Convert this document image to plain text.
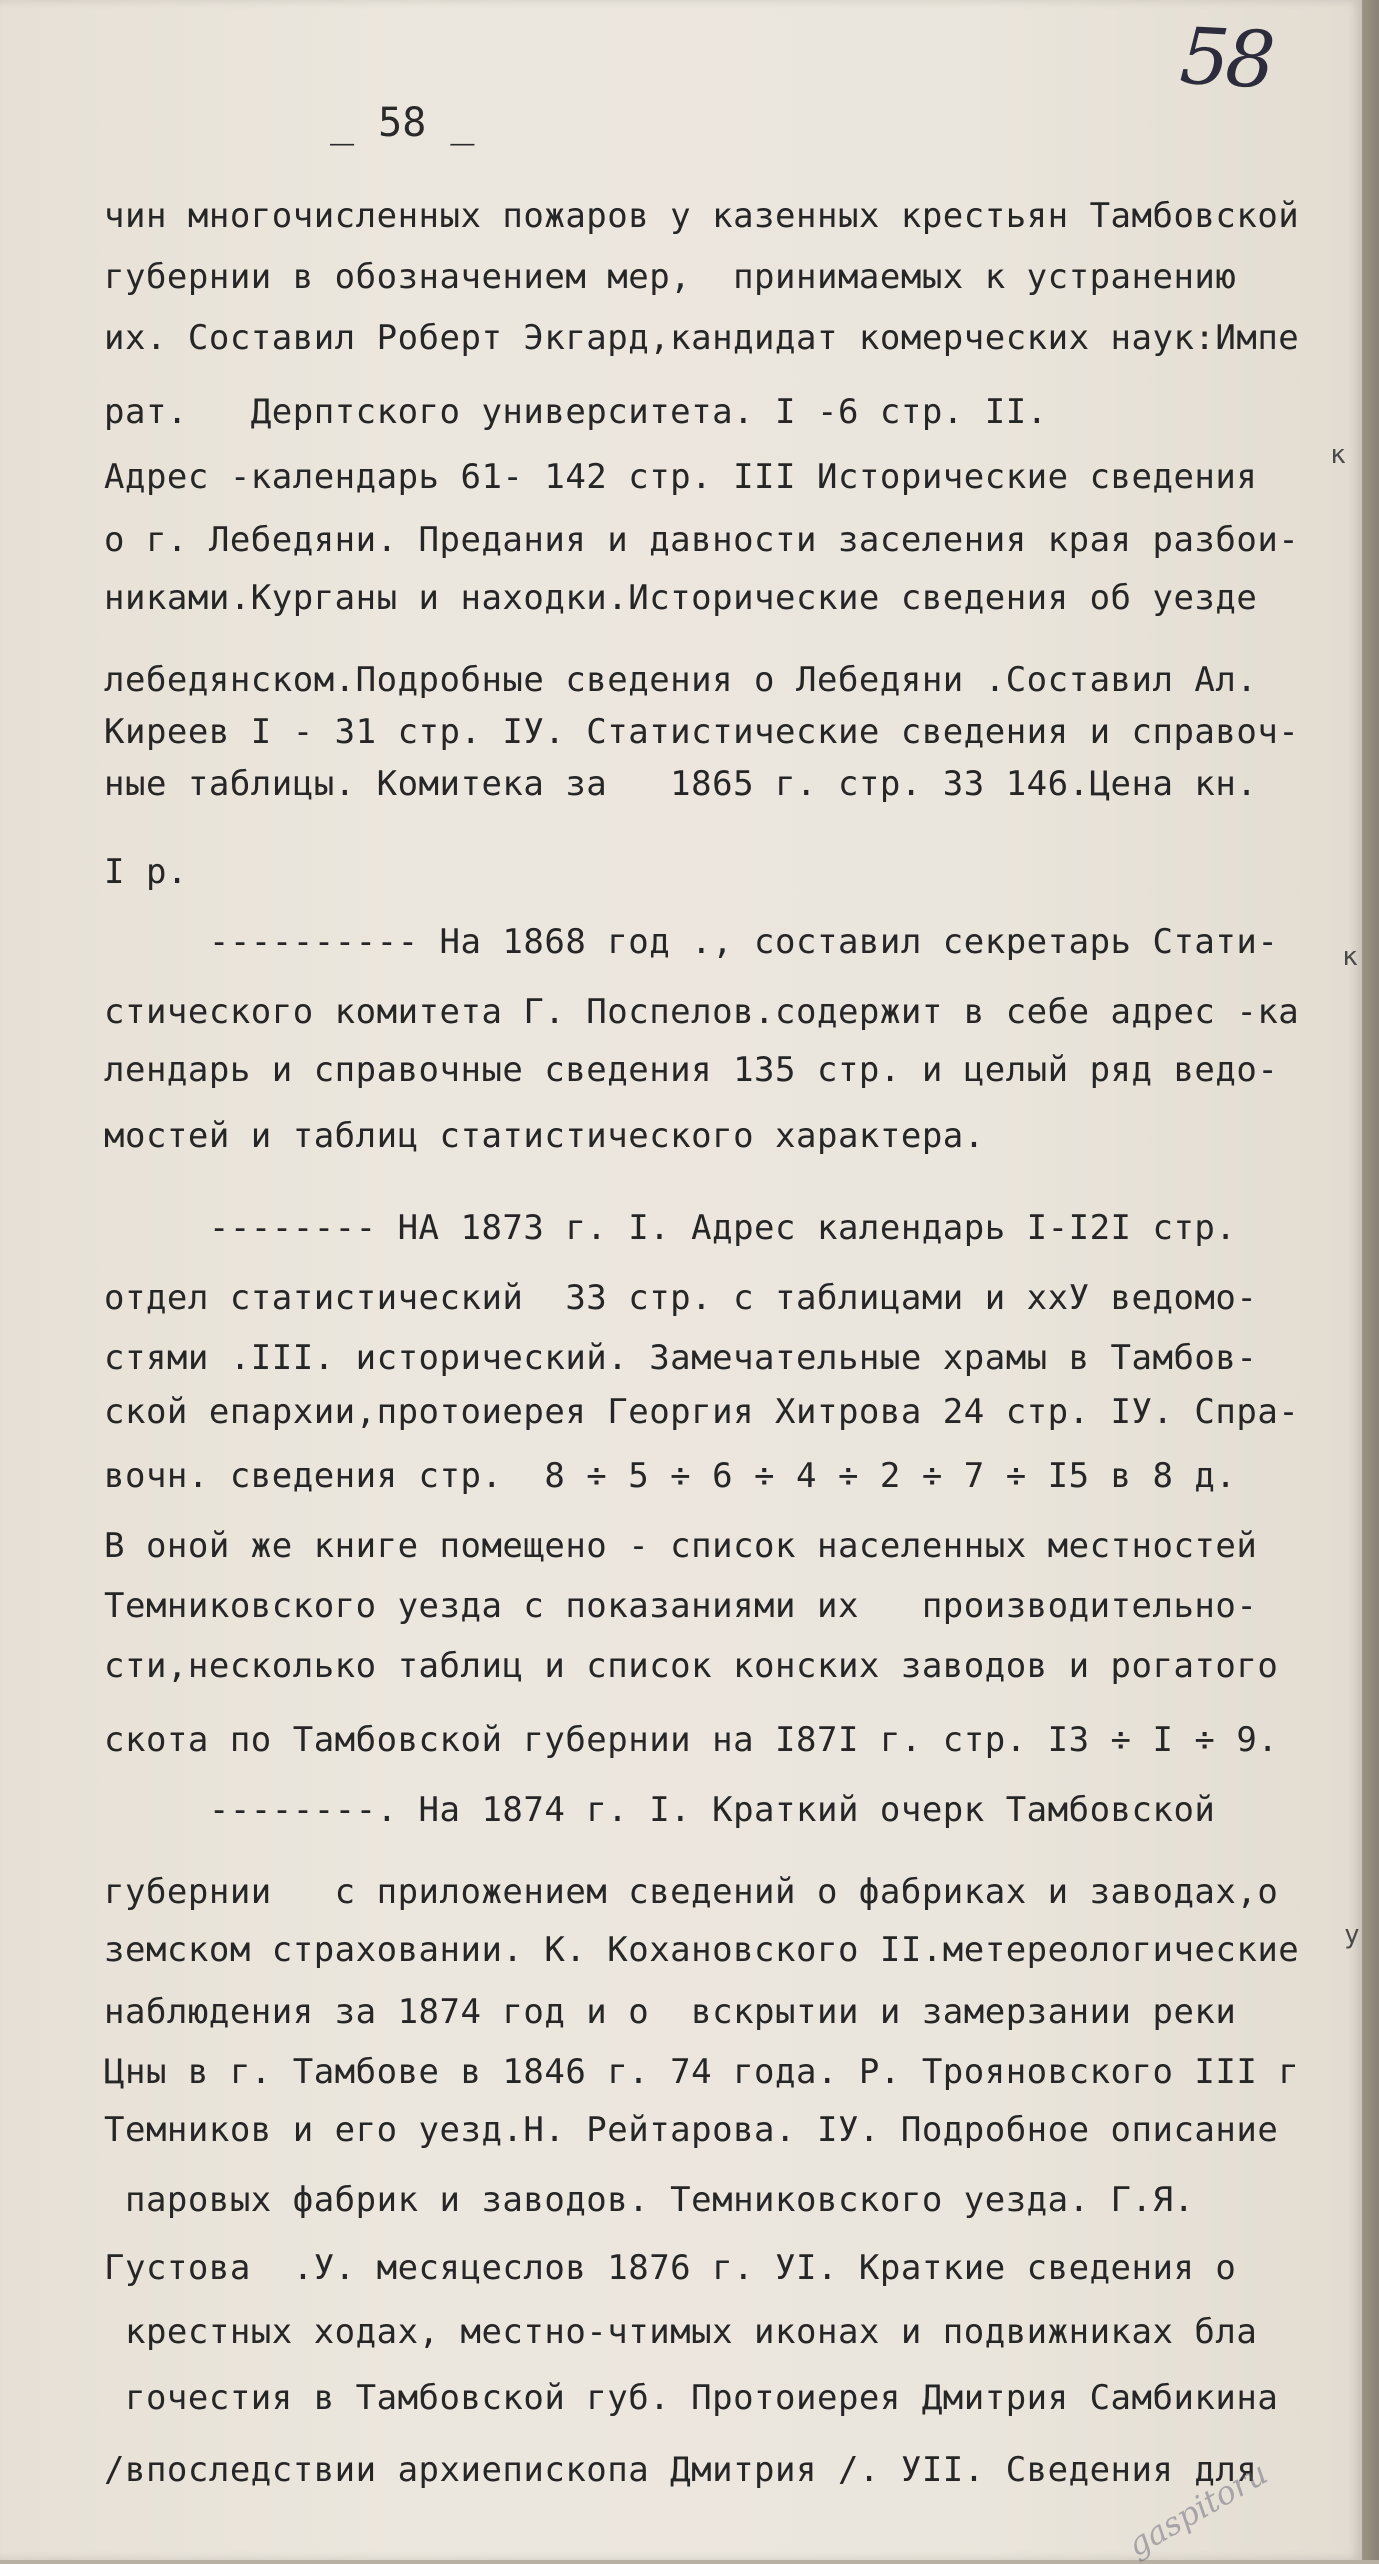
58
_ 58 _
чин многочисленных пожаров у казенных крестьян Тамбовской
губернии в обозначением мер,  принимаемых к устранению
их. Составил Роберт Экгард,кандидат комерческих наук:Импе
рат.   Дерптского университета. I -6 стр. II.
Адрес -календарь 61- 142 стр. III Исторические сведения
о г. Лебедяни. Предания и давности заселения края разбои-
никами.Курганы и находки.Исторические сведения об уезде
лебедянском.Подробные сведения о Лебедяни .Составил Ал.
Киреев I - 31 стр. IУ. Статистические сведения и справоч-
ные таблицы. Комитека за   1865 г. стр. 33 146.Цена кн.
I р.
---------- На 1868 год ., составил секретарь Стати-
стического комитета Г. Поспелов.содержит в себе адрес -ка
лендарь и справочные сведения 135 стр. и целый ряд ведо-
мостей и таблиц статистического характера.
-------- НА 1873 г. I. Адрес календарь I-I2I стр.
отдел статистический  33 стр. с таблицами и ххУ ведомо-
стями .III. исторический. Замечательные храмы в Тамбов-
ской епархии,протоиерея Георгия Хитрова 24 стр. IУ. Спра-
вочн. сведения стр.  8 ÷ 5 ÷ 6 ÷ 4 ÷ 2 ÷ 7 ÷ I5 в 8 д.
В оной же книге помещено - список населенных местностей
Темниковского уезда с показаниями их   производительно-
сти,несколько таблиц и список конских заводов и рогатого
скота по Тамбовской губернии на I87I г. стр. I3 ÷ I ÷ 9.
--------. На 1874 г. I. Краткий очерк Тамбовской
губернии   с приложением сведений о фабриках и заводах,о
земском страховании. К. Кохановского II.метереологические
наблюдения за 1874 год и о  вскрытии и замерзании реки
Цны в г. Тамбове в 1846 г. 74 года. Р. Трояновского III г
Темников и его уезд.Н. Рейтарова. IУ. Подробное описание
паровых фабрик и заводов. Темниковского уезда. Г.Я.
Густова  .У. месяцеслов 1876 г. УI. Краткие сведения о
крестных ходах, местно-чтимых иконах и подвижниках бла
гочестия в Тамбовской губ. Протоиерея Дмитрия Самбикина
/впоследствии архиепископа Дмитрия /. УII. Сведения для
к
у
к
gaspitoru
